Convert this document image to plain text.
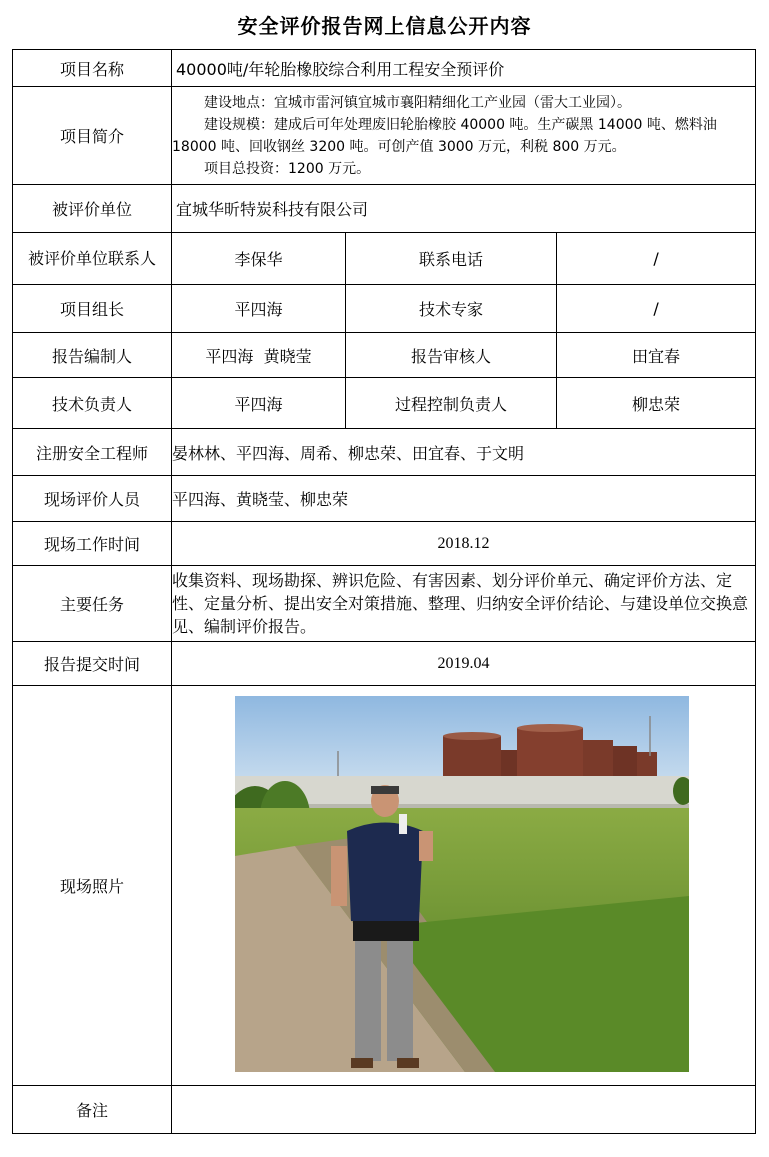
安全评价报告网上信息公开内容
项目名称	40000吨/年轮胎橡胶综合利用工程安全预评价		
项目简介	建设地点：宜城市雷河镇宜城市襄阳精细化工产业园（雷大工业园）。

建设规模：建成后可年处理废旧轮胎橡胶 40000 吨。生产碳黑 14000 吨、燃料油 18000 吨、回收钢丝 3200 吨。可创产值 3000 万元，利税 800 万元。

项目总投资：1200 万元。		

被评价单位	宜城华昕特炭科技有限公司		
被评价单位联系人	李保华	联系电话	/
项目组长	平四海	技术专家	/
报告编制人	平四海  黄晓莹	报告审核人	田宜春
技术负责人	平四海	过程控制负责人	柳忠荣
注册安全工程师	晏林林、平四海、周希、柳忠荣、田宜春、于文明		
现场评价人员	平四海、黄晓莹、柳忠荣		
现场工作时间	2018.12		
主要任务	收集资料、现场勘探、辨识危险、有害因素、划分评价单元、确定评价方法、定性、定量分析、提出安全对策措施、整理、归纳安全评价结论、与建设单位交换意见、编制评价报告。		
报告提交时间	2019.04		
现场照片	

备注			
